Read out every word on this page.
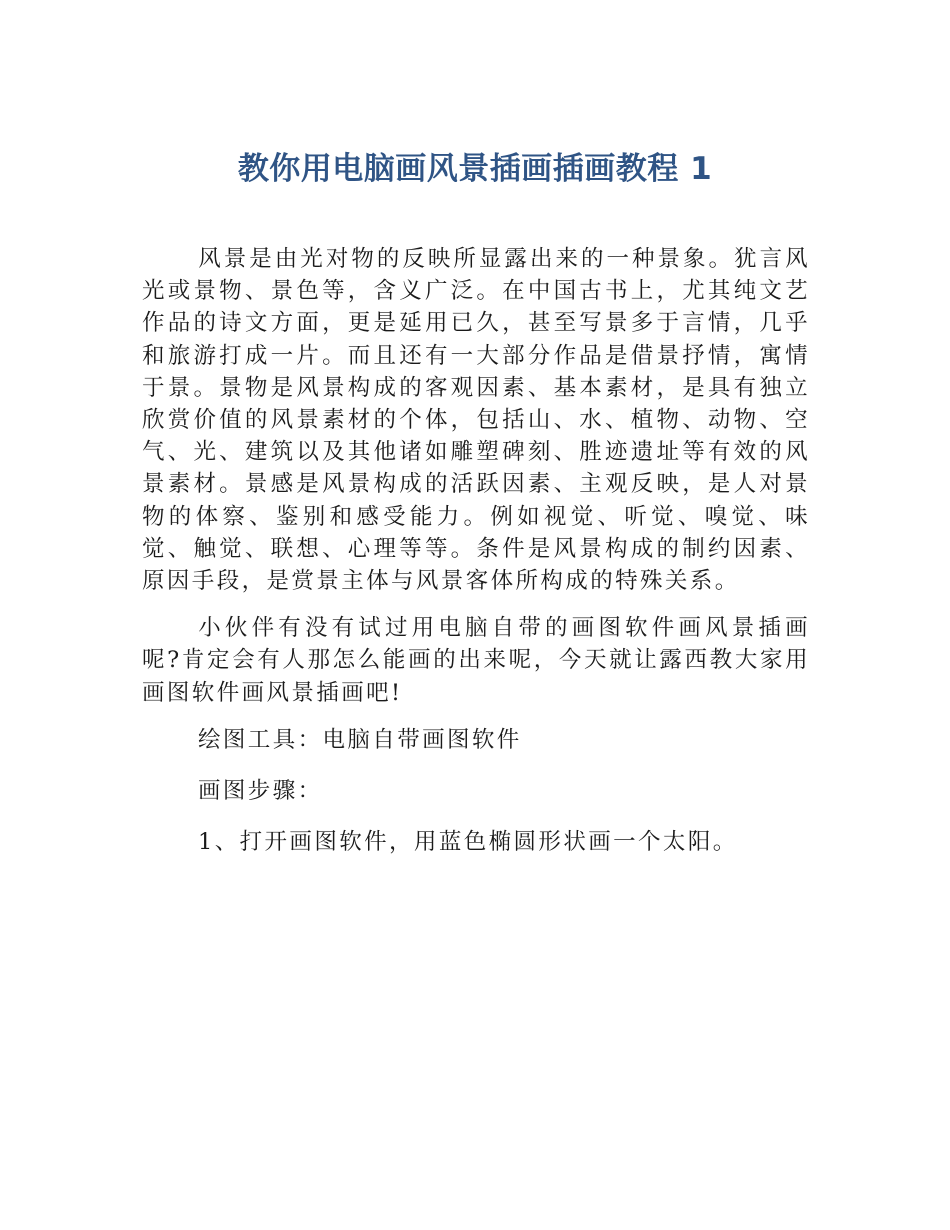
教你用电脑画风景插画插画教程 1

风景是由光对物的反映所显露出来的一种景象。犹言风光或景物、景色等，含义广泛。在中国古书上，尤其纯文艺作品的诗文方面，更是延用已久，甚至写景多于言情，几乎和旅游打成一片。而且还有一大部分作品是借景抒情，寓情于景。景物是风景构成的客观因素、基本素材，是具有独立欣赏价值的风景素材的个体，包括山、水、植物、动物、空气、光、建筑以及其他诸如雕塑碑刻、胜迹遗址等有效的风景素材。景感是风景构成的活跃因素、主观反映，是人对景物的体察、鉴别和感受能力。例如视觉、听觉、嗅觉、味觉、触觉、联想、心理等等。条件是风景构成的制约因素、原因手段，是赏景主体与风景客体所构成的特殊关系。

小伙伴有没有试过用电脑自带的画图软件画风景插画呢?肯定会有人那怎么能画的出来呢，今天就让露西教大家用画图软件画风景插画吧!

绘图工具：电脑自带画图软件

画图步骤：

1、打开画图软件，用蓝色椭圆形状画一个太阳。
